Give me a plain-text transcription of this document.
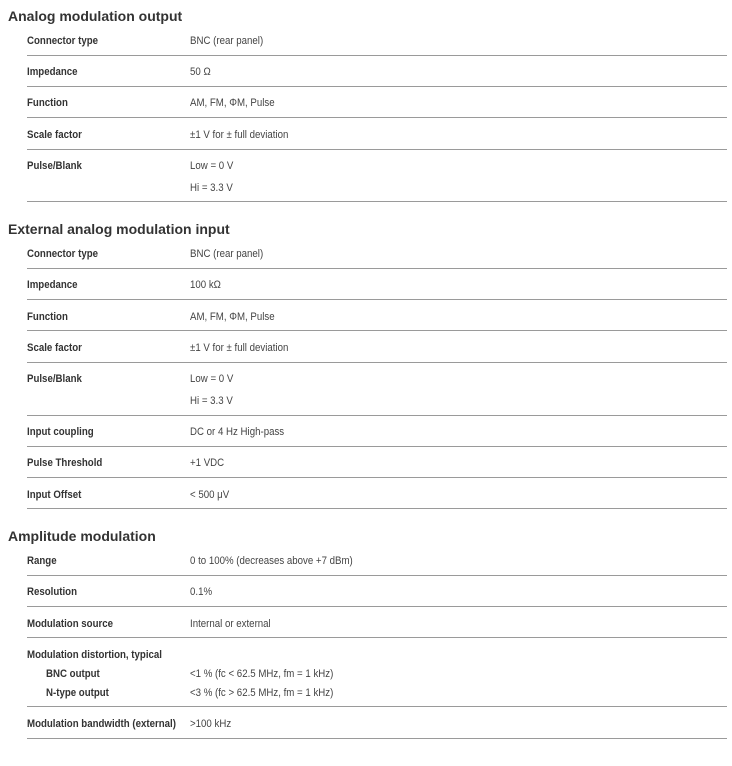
Analog modulation output
Connector type	BNC (rear panel)
Impedance	50 Ω
Function	AM, FM, ΦM, Pulse
Scale factor	±1 V for ± full deviation
Pulse/Blank	Low = 0 V
Hi = 3.3 V
External analog modulation input
Connector type	BNC (rear panel)
Impedance	100 kΩ
Function	AM, FM, ΦM, Pulse
Scale factor	±1 V for ± full deviation
Pulse/Blank	Low = 0 V
Hi = 3.3 V
Input coupling	DC or 4 Hz High-pass
Pulse Threshold	+1 VDC
Input Offset	< 500 μV
Amplitude modulation
Range	0 to 100% (decreases above +7 dBm)
Resolution	0.1%
Modulation source	Internal or external
Modulation distortion, typical
BNC output	<1 % (fc < 62.5 MHz, fm = 1 kHz)
N-type output	<3 % (fc > 62.5 MHz, fm = 1 kHz)
Modulation bandwidth (external) >100 kHz
